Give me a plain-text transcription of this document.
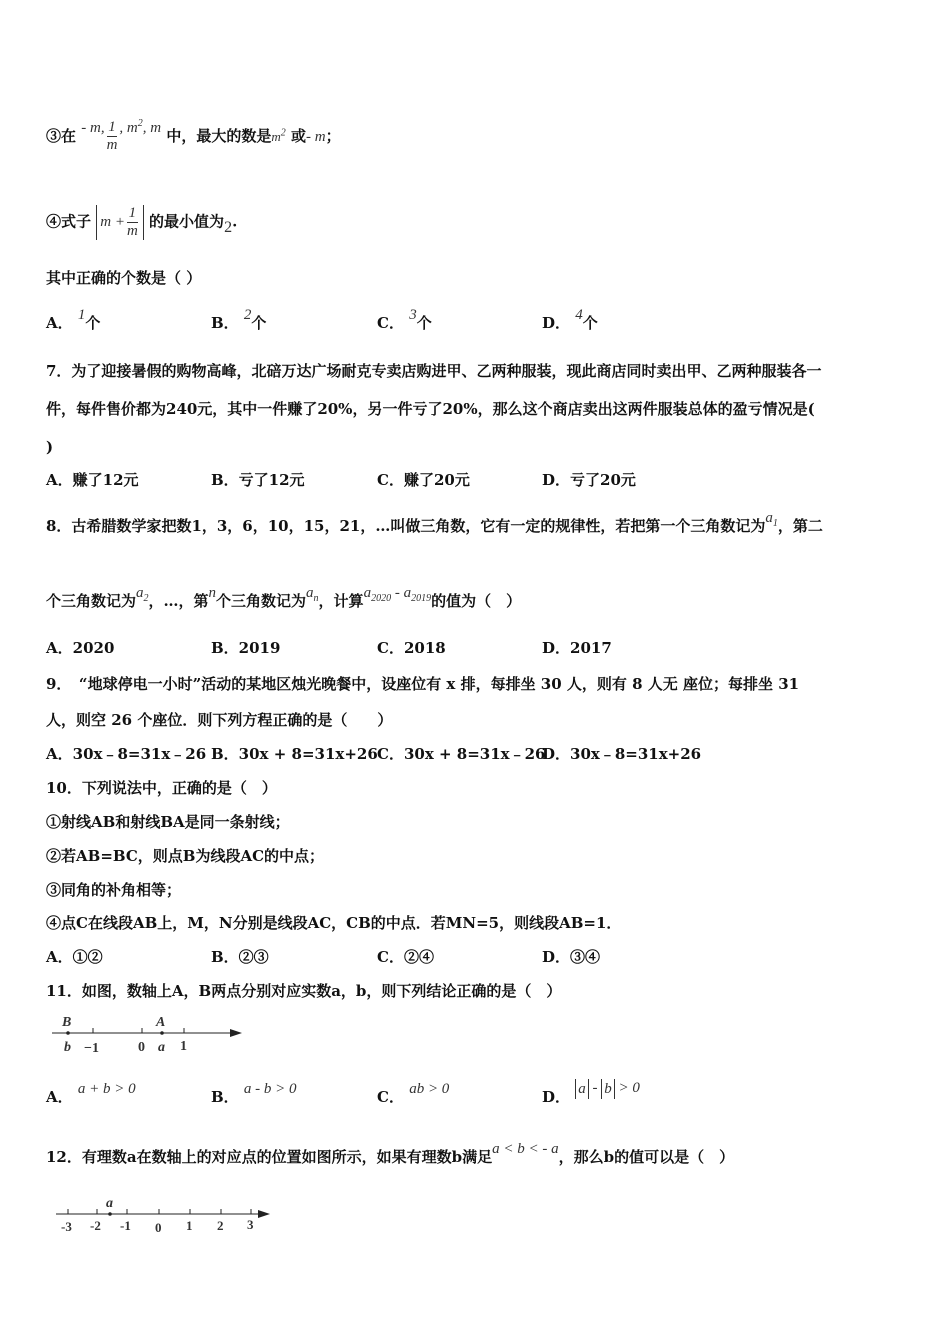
③在 - m, $\frac{1}{m}$ , $m^2$, m 中，最大的数是$m^2$ 或- m；
④式子 $m + \frac{1}{m}$ 的最小值为2.
其中正确的个数是（ ）
A． 1个	B． 2个	C． 3个	D． 4个
7．为了迎接暑假的购物高峰，北碚万达广场耐克专卖店购进甲、乙两种服装，现此商店同时卖出甲、乙两种服装各一
件，每件售价都为240元，其中一件赚了20%，另一件亏了20%，那么这个商店卖出这两件服装总体的盈亏情况是(
)
A．赚了12元	B．亏了12元	C．赚了20元	D．亏了20元
8．古希腊数学家把数1，3，6，10，15，21，…叫做三角数，它有一定的规律性，若把第一个三角数记为$a_1$，第二
个三角数记为$a_2$，…，第n个三角数记为$a_n$，计算$a_{2020} - a_{2019}$的值为（　）
A．2020	B．2019	C．2018	D．2017
9．　“地球停电一小时”活动的某地区烛光晚餐中，设座位有 x 排，每排坐 30 人，则有 8 人无 座位；每排坐 31
人，则空 26 个座位．则下列方程正确的是（　　）
A．30x﹣8=31x﹣26 B．30x + 8=31x+26 C．30x + 8=31x﹣26
D．30x﹣8=31x+26
10．下列说法中，正确的是（　）
①射线AB和射线BA是同一条射线；
②若AB=BC，则点B为线段AC的中点；
③同角的补角相等；
④点C在线段AB上，M，N分别是线段AC，CB的中点．若MN=5，则线段AB=1．
A．①②	B．②③	C．②④	D．③④
11．如图，数轴上A，B两点分别对应实数a，b，则下列结论正确的是（　）
B	A
b −1	0 a 1
A． a + b > 0	B． a - b > 0	C． ab > 0	D． a - b > 0
12．有理数a在数轴上的对应点的位置如图所示，如果有理数b满足a < b < - a，那么b的值可以是（　）
a
-3 -2 -1 0 1 2 3
